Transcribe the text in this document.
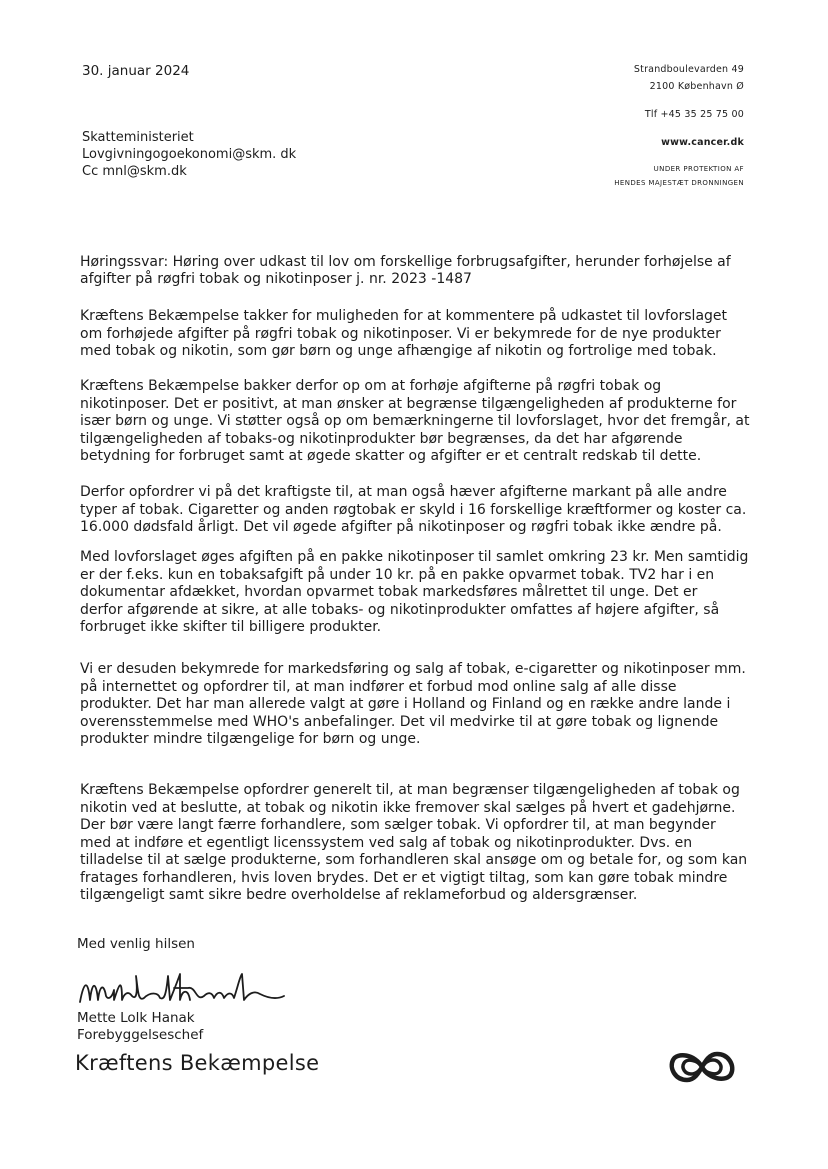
30. januar 2024	Strandboulevarden 49
2100 København Ø
Tlf +45 35 25 75 00
www.cancer.dk
UNDER PROTEKTION AF
HENDES MAJESTÆT DRONNINGEN
Skatteministeriet
Lovgivningogoekonomi@skm. dk
Cc mnl@skm.dk
Høringssvar: Høring over udkast til lov om forskellige forbrugsafgifter, herunder forhøjelse af
afgifter på røgfri tobak og nikotinposer j. nr. 2023 -1487
Kræftens Bekæmpelse takker for muligheden for at kommentere på udkastet til lovforslaget
om forhøjede afgifter på røgfri tobak og nikotinposer. Vi er bekymrede for de nye produkter
med tobak og nikotin, som gør børn og unge afhængige af nikotin og fortrolige med tobak.
Kræftens Bekæmpelse bakker derfor op om at forhøje afgifterne på røgfri tobak og
nikotinposer. Det er positivt, at man ønsker at begrænse tilgængeligheden af produkterne for
især børn og unge. Vi støtter også op om bemærkningerne til lovforslaget, hvor det fremgår, at
tilgængeligheden af tobaks-og nikotinprodukter bør begrænses, da det har afgørende
betydning for forbruget samt at øgede skatter og afgifter er et centralt redskab til dette.
Derfor opfordrer vi på det kraftigste til, at man også hæver afgifterne markant på alle andre
typer af tobak. Cigaretter og anden røgtobak er skyld i 16 forskellige kræftformer og koster ca.
16.000 dødsfald årligt. Det vil øgede afgifter på nikotinposer og røgfri tobak ikke ændre på.
Med lovforslaget øges afgiften på en pakke nikotinposer til samlet omkring 23 kr. Men samtidig
er der f.eks. kun en tobaksafgift på under 10 kr. på en pakke opvarmet tobak. TV2 har i en
dokumentar afdækket, hvordan opvarmet tobak markedsføres målrettet til unge. Det er
derfor afgørende at sikre, at alle tobaks- og nikotinprodukter omfattes af højere afgifter, så
forbruget ikke skifter til billigere produkter.
Vi er desuden bekymrede for markedsføring og salg af tobak, e-cigaretter og nikotinposer mm.
på internettet og opfordrer til, at man indfører et forbud mod online salg af alle disse
produkter. Det har man allerede valgt at gøre i Holland og Finland og en række andre lande i
overensstemmelse med WHO's anbefalinger. Det vil medvirke til at gøre tobak og lignende
produkter mindre tilgængelige for børn og unge.
Kræftens Bekæmpelse opfordrer generelt til, at man begrænser tilgængeligheden af tobak og
nikotin ved at beslutte, at tobak og nikotin ikke fremover skal sælges på hvert et gadehjørne.
Der bør være langt færre forhandlere, som sælger tobak. Vi opfordrer til, at man begynder
med at indføre et egentligt licenssystem ved salg af tobak og nikotinprodukter. Dvs. en
tilladelse til at sælge produkterne, som forhandleren skal ansøge om og betale for, og som kan
fratages forhandleren, hvis loven brydes. Det er et vigtigt tiltag, som kan gøre tobak mindre
tilgængeligt samt sikre bedre overholdelse af reklameforbud og aldersgrænser.
Med venlig hilsen
Mette Lolk Hanak
Forebyggelseschef
Kræftens Bekæmpelse
